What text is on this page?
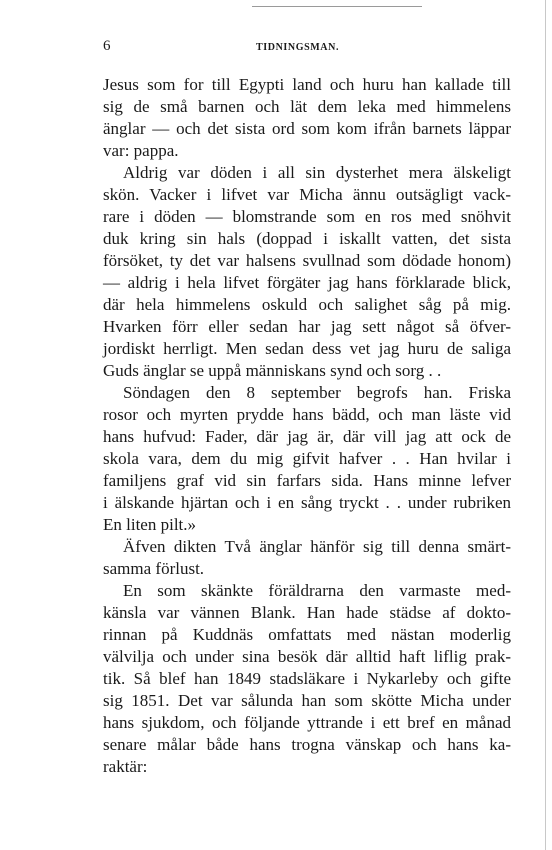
6	TIDNINGSMAN.
Jesus som for till Egypti land och huru han kallade till
sig de små barnen och lät dem leka med himmelens
änglar — och det sista ord som kom ifrån barnets läppar
var: pappa.
Aldrig var döden i all sin dysterhet mera älskeligt
skön. Vacker i lifvet var Micha ännu outsägligt vack-
rare i döden — blomstrande som en ros med snöhvit
duk kring sin hals (doppad i iskallt vatten, det sista
försöket, ty det var halsens svullnad som dödade honom)
— aldrig i hela lifvet förgäter jag hans förklarade blick,
där hela himmelens oskuld och salighet såg på mig.
Hvarken förr eller sedan har jag sett något så öfver-
jordiskt herrligt. Men sedan dess vet jag huru de saliga
Guds änglar se uppå människans synd och sorg . .
Söndagen den 8 september begrofs han. Friska
rosor och myrten prydde hans bädd, och man läste vid
hans hufvud: Fader, där jag är, där vill jag att ock de
skola vara, dem du mig gifvit hafver . . Han hvilar i
familjens graf vid sin farfars sida. Hans minne lefver
i älskande hjärtan och i en sång tryckt . . under rubriken
En liten pilt.»
Äfven dikten Två änglar hänför sig till denna smärt-
samma förlust.
En som skänkte föräldrarna den varmaste med-
känsla var vännen Blank. Han hade städse af dokto-
rinnan på Kuddnäs omfattats med nästan moderlig
välvilja och under sina besök där alltid haft liflig prak-
tik. Så blef han 1849 stadsläkare i Nykarleby och gifte
sig 1851. Det var sålunda han som skötte Micha under
hans sjukdom, och följande yttrande i ett bref en månad
senare målar både hans trogna vänskap och hans ka-
raktär:
